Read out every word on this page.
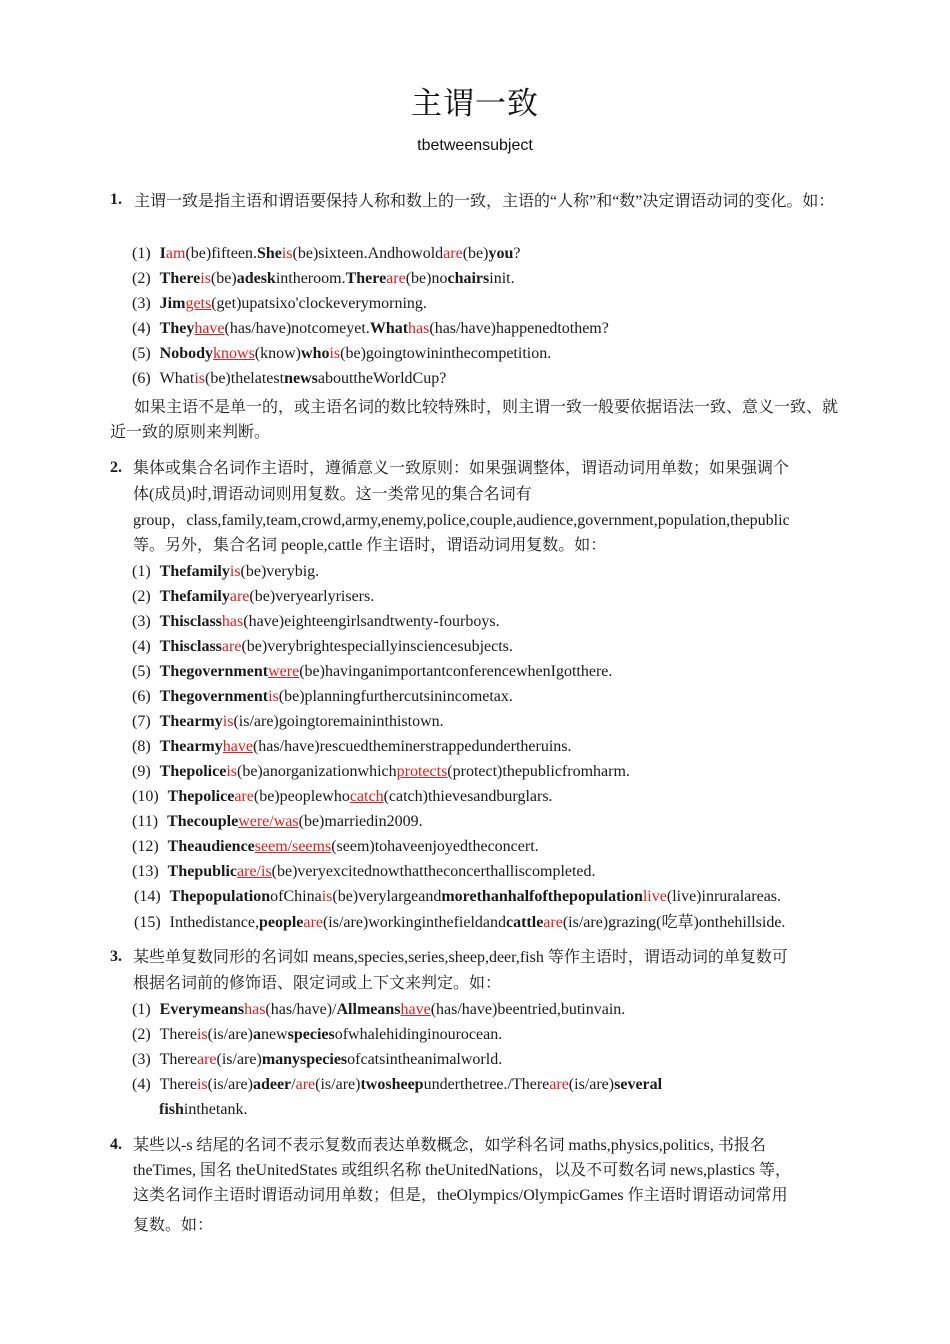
主谓一致
tbetweensubject
1. 主谓一致是指主语和谓语要保持人称和数上的一致，主语的“人称”和“数”决定谓语动词的变化。如：
(1) Iam(be)fifteen.Sheis(be)sixteen.Andhowoldare(be)you?
(2) Thereis(be)adeskintheroom.Thereare(be)nochairsinit.
(3) Jimgets(get)upatsixo'clockeverymorning.
(4) Theyhave(has/have)notcomeyet.Whathas(has/have)happenedtothem?
(5) Nobodyknows(know)whois(be)goingtowininthecompetition.
(6) Whatis(be)thelatestnewsabouttheWorldCup?
如果主语不是单一的，或主语名词的数比较特殊时，则主谓一致一般要依据语法一致、意义一致、就近一致的原则来判断。
2. 集体或集合名词作主语时，遵循意义一致原则：如果强调整体，谓语动词用单数；如果强调个
体(成员)时,谓语动词则用复数。这一类常见的集合名词有
group，class,family,team,crowd,army,enemy,police,couple,audience,government,population,thepublic
等。另外，集合名词 people,cattle 作主语时，谓语动词用复数。如：
(1) Thefamilyis(be)verybig.
(2) Thefamilyare(be)veryearlyrisers.
(3) Thisclasshas(have)eighteengirlsandtwenty-fourboys.
(4) Thisclassare(be)verybrightespeciallyinsciencesubjects.
(5) Thegovernmentwere(be)havinganimportantconferencewhenIgotthere.
(6) Thegovernmentis(be)planningfurthercutsinincometax.
(7) Thearmyis(is/are)goingtoremaininthistown.
(8) Thearmyhave(has/have)rescuedtheminerstrappedundertheruins.
(9) Thepoliceis(be)anorganizationwhichprotects(protect)thepublicfromharm.
(10) Thepoliceare(be)peoplewhocatch(catch)thievesandburglars.
(11) Thecouplewere/was(be)marriedin2009.
(12) Theaudienceseem/seems(seem)tohaveenjoyedtheconcert.
(13) Thepublicare/is(be)veryexcitednowthattheconcerthalliscompleted.
(14) ThepopulationofChinais(be)verylargeandmorethanhalfofthepopulationlive(live)inruralareas.
(15) Inthedistance,peopleare(is/are)workinginthefieldandcattleare(is/are)grazing(吃草)onthehillside.
3. 某些单复数同形的名词如 means,species,series,sheep,deer,fish 等作主语时，谓语动词的单复数可
根据名词前的修饰语、限定词或上下文来判定。如：
(1) Everymeanshas(has/have)/Allmeanshave(has/have)beentried,butinvain.
(2) Thereis(is/are)anewspeciesofwhalehidinginourocean.
(3) Thereare(is/are)manyspeciesofcatsintheanimalworld.
(4) Thereis(is/are)adeer/are(is/are)twosheepunderthetree./Thereare(is/are)several
fishinthetank.
4. 某些以-s 结尾的名词不表示复数而表达单数概念，如学科名词 maths,physics,politics, 书报名
theTimes, 国名 theUnitedStates 或组织名称 theUnitedNations，以及不可数名词 news,plastics 等，
这类名词作主语时谓语动词用单数；但是，theOlympics/OlympicGames 作主语时谓语动词常用
复数。如：
